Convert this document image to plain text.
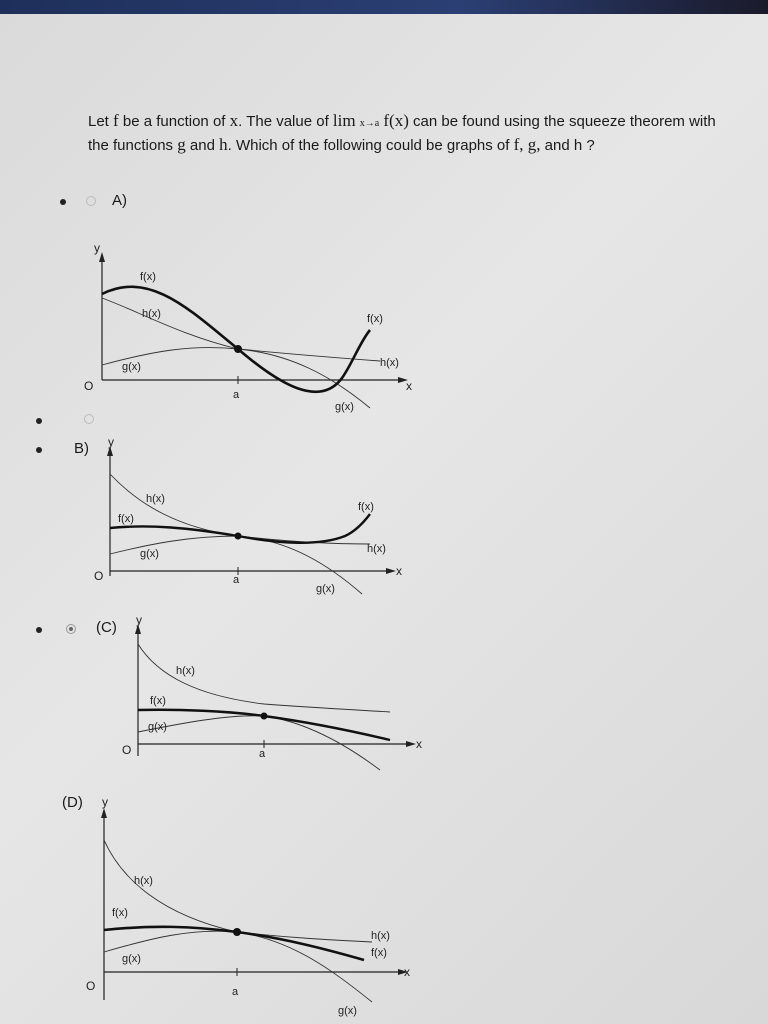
Let f be a function of x. The value of lim x→a f(x) can be found using the squeeze theorem with the functions g and h. Which of the following could be graphs of f, g, and h ?
A)
y
O	x
a
f(x)
h(x)
g(x)
f(x)
h(x)
g(x)
B) y
O	x
a
h(x)
f(x)
g(x)
f(x)
h(x)
g(x)
(C) y
O	x
a
h(x)
f(x)
g(x)
(D) y
O
x
a
h(x)
f(x)
g(x)
h(x)
f(x)
g(x)
